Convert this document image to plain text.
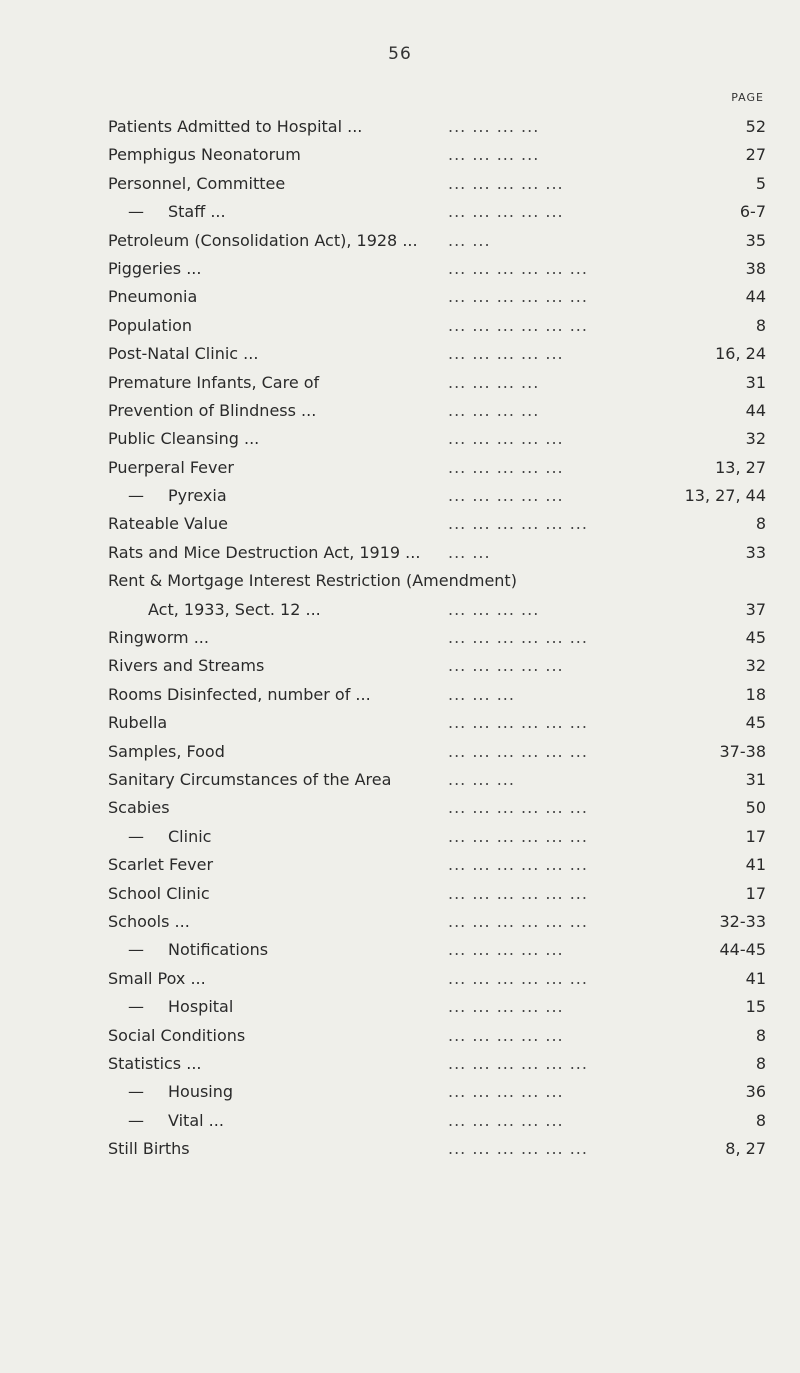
56
PAGE
Patients Admitted to Hospital ...	... ... ... ...	52
Pemphigus Neonatorum	... ... ... ...	27
Personnel, Committee	... ... ... ... ...	5
— Staff ...	... ... ... ... ...	6-7
Petroleum (Consolidation Act), 1928 ... ... ...	35
Piggeries ...	... ... ... ... ... ...	38
Pneumonia	... ... ... ... ... ...	44
Population	... ... ... ... ... ...	8
Post-Natal Clinic ...	... ... ... ... ...	16, 24
Premature Infants, Care of	... ... ... ...	31
Prevention of Blindness ...	... ... ... ...	44
Public Cleansing ...	... ... ... ... ...	32
Puerperal Fever	... ... ... ... ...	13, 27
— Pyrexia	... ... ... ... ...	13, 27, 44
Rateable Value	... ... ... ... ... ...	8
Rats and Mice Destruction Act, 1919 ... ... ...	33
Rent & Mortgage Interest Restriction (Amendment)
Act, 1933, Sect. 12 ...	... ... ... ...	37
Ringworm ...	... ... ... ... ... ...	45
Rivers and Streams	... ... ... ... ...	32
Rooms Disinfected, number of ...	... ... ...	18
Rubella	... ... ... ... ... ...	45
Samples, Food	... ... ... ... ... ...	37-38
Sanitary Circumstances of the Area	... ... ...	31
Scabies	... ... ... ... ... ...	50
— Clinic	... ... ... ... ... ...	17
Scarlet Fever	... ... ... ... ... ...	41
School Clinic	... ... ... ... ... ...	17
Schools ...	... ... ... ... ... ...	32-33
— Notifications	... ... ... ... ...	44-45
Small Pox ...	... ... ... ... ... ...	41
— Hospital	... ... ... ... ...	15
Social Conditions	... ... ... ... ...	8
Statistics ...	... ... ... ... ... ...	8
— Housing	... ... ... ... ...	36
— Vital ...	... ... ... ... ...	8
Still Births	... ... ... ... ... ...	8, 27
